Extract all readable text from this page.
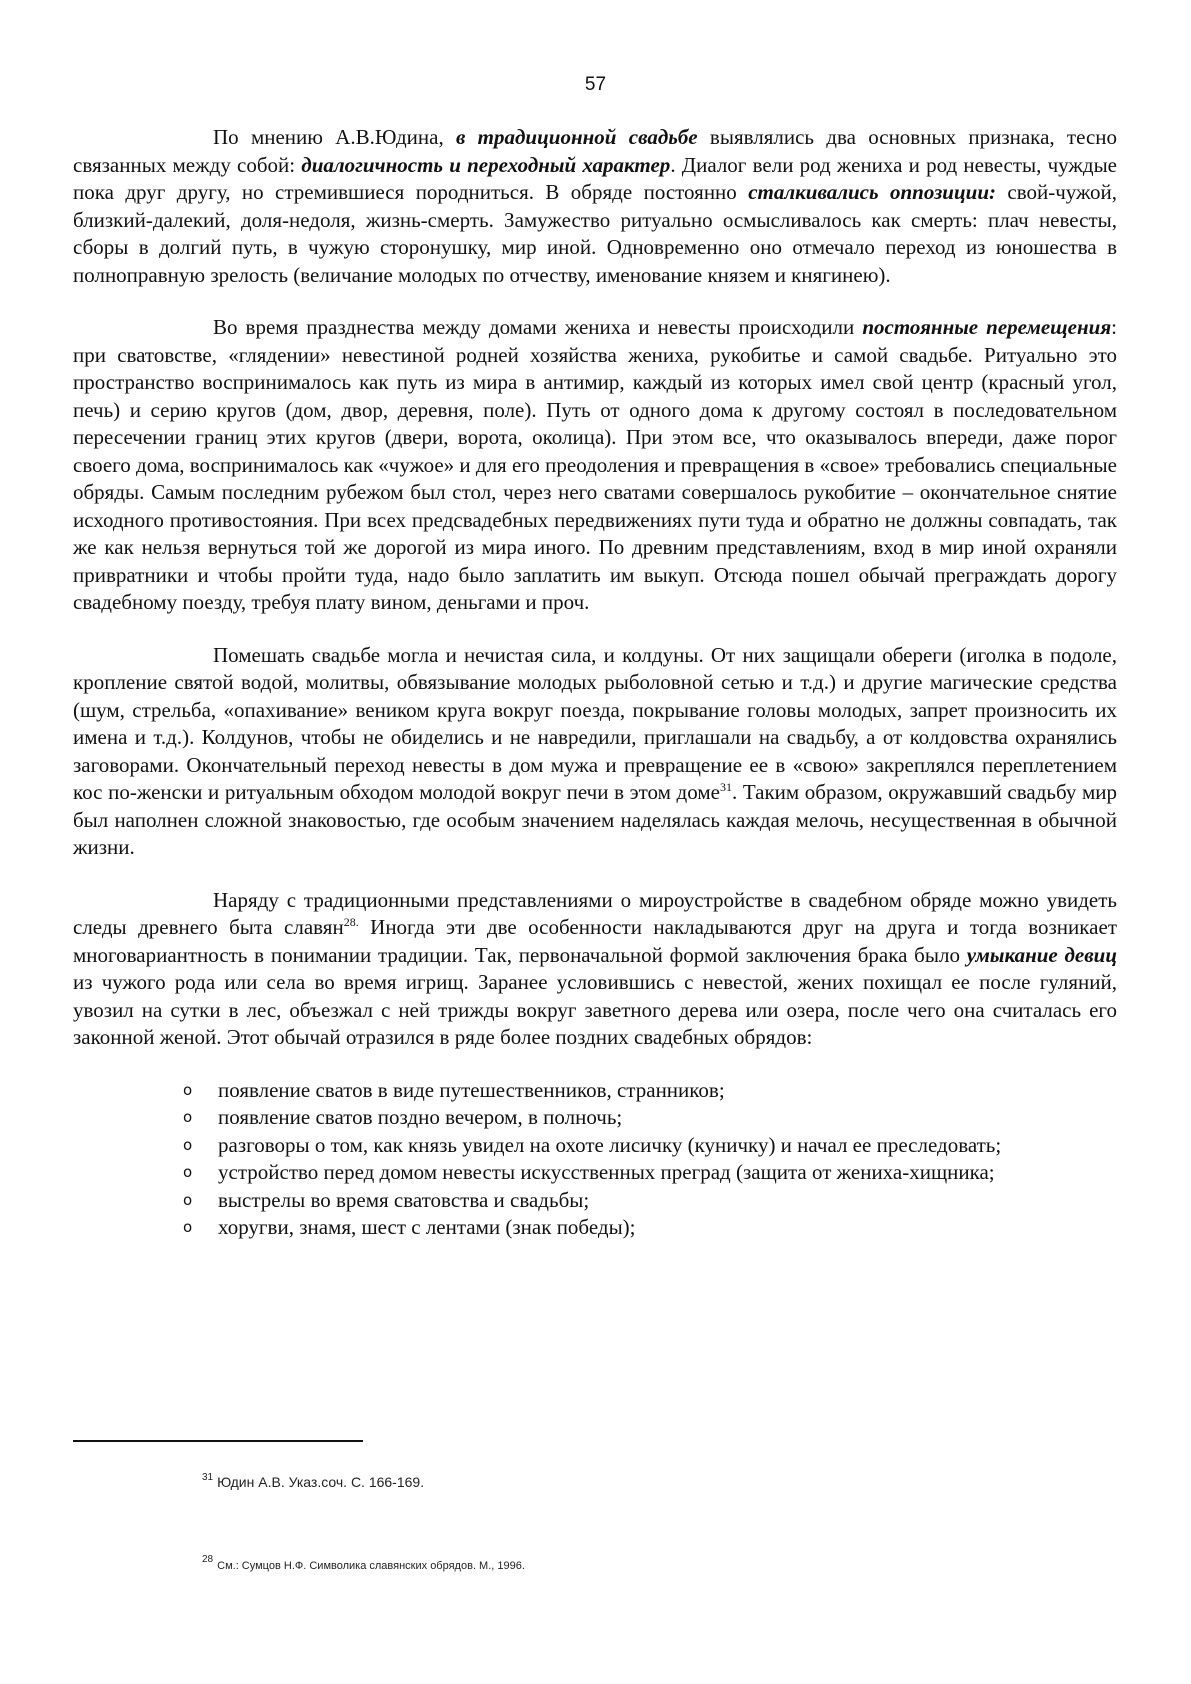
57

По мнению А.В.Юдина, в традиционной свадьбе выявлялись два основных признака, тесно связанных между собой: диалогичность и переходный характер. Диалог вели род жениха и род невесты, чуждые пока друг другу, но стремившиеся породниться. В обряде постоянно сталкивались оппозиции: свой-чужой, близкий-далекий, доля-недоля, жизнь-смерть. Замужество ритуально осмысливалось как смерть: плач невесты, сборы в долгий путь, в чужую сторонушку, мир иной. Одновременно оно отмечало переход из юношества в полноправную зрелость (величание молодых по отчеству, именование князем и княгинею).

Во время празднества между домами жениха и невесты происходили постоянные перемещения: при сватовстве, «глядении» невестиной родней хозяйства жениха, рукобитье и самой свадьбе. Ритуально это пространство воспринималось как путь из мира в антимир, каждый из которых имел свой центр (красный угол, печь) и серию кругов (дом, двор, деревня, поле). Путь от одного дома к другому состоял в последовательном пересечении границ этих кругов (двери, ворота, околица). При этом все, что оказывалось впереди, даже порог своего дома, воспринималось как «чужое» и для его преодоления и превращения в «свое» требовались специальные обряды. Самым последним рубежом был стол, через него сватами совершалось рукобитие – окончательное снятие исходного противостояния. При всех предсвадебных передвижениях пути туда и обратно не должны совпадать, так же как нельзя вернуться той же дорогой из мира иного. По древним представлениям, вход в мир иной охраняли привратники и чтобы пройти туда, надо было заплатить им выкуп. Отсюда пошел обычай преграждать дорогу свадебному поезду, требуя плату вином, деньгами и проч.

Помешать свадьбе могла и нечистая сила, и колдуны. От них защищали обереги (иголка в подоле, кропление святой водой, молитвы, обвязывание молодых рыболовной сетью и т.д.) и другие магические средства (шум, стрельба, «опахивание» веником круга вокруг поезда, покрывание головы молодых, запрет произносить их имена и т.д.). Колдунов, чтобы не обиделись и не навредили, приглашали на свадьбу, а от колдовства охранялись заговорами. Окончательный переход невесты в дом мужа и превращение ее в «свою» закреплялся переплетением кос по-женски и ритуальным обходом молодой вокруг печи в этом доме$^{31}$. Таким образом, окружавший свадьбу мир был наполнен сложной знаковостью, где особым значением наделялась каждая мелочь, несущественная в обычной жизни.

Наряду с традиционными представлениями о мироустройстве в свадебном обряде можно увидеть следы древнего быта славян$^{28.}$ Иногда эти две особенности накладываются друг на друга и тогда возникает многовариантность в понимании традиции. Так, первоначальной формой заключения брака было умыкание девиц из чужого рода или села во время игрищ. Заранее условившись с невестой, жених похищал ее после гуляний, увозил на сутки в лес, объезжал с ней трижды вокруг заветного дерева или озера, после чего она считалась его законной женой. Этот обычай отразился в ряде более поздних свадебных обрядов:

o появление сватов в виде путешественников, странников;
o появление сватов поздно вечером, в полночь;
o разговоры о том, как князь увидел на охоте лисичку (куничку) и начал ее преследовать;
o устройство перед домом невесты искусственных преград (защита от жениха-хищника;
o выстрелы во время сватовства и свадьбы;
o хоругви, знамя, шест с лентами (знак победы);
$^{31}$ Юдин А.В. Указ.соч. С. 166-169.
$^{28}$См.: Сумцов Н.Ф. Символика славянских обрядов. М., 1996.
